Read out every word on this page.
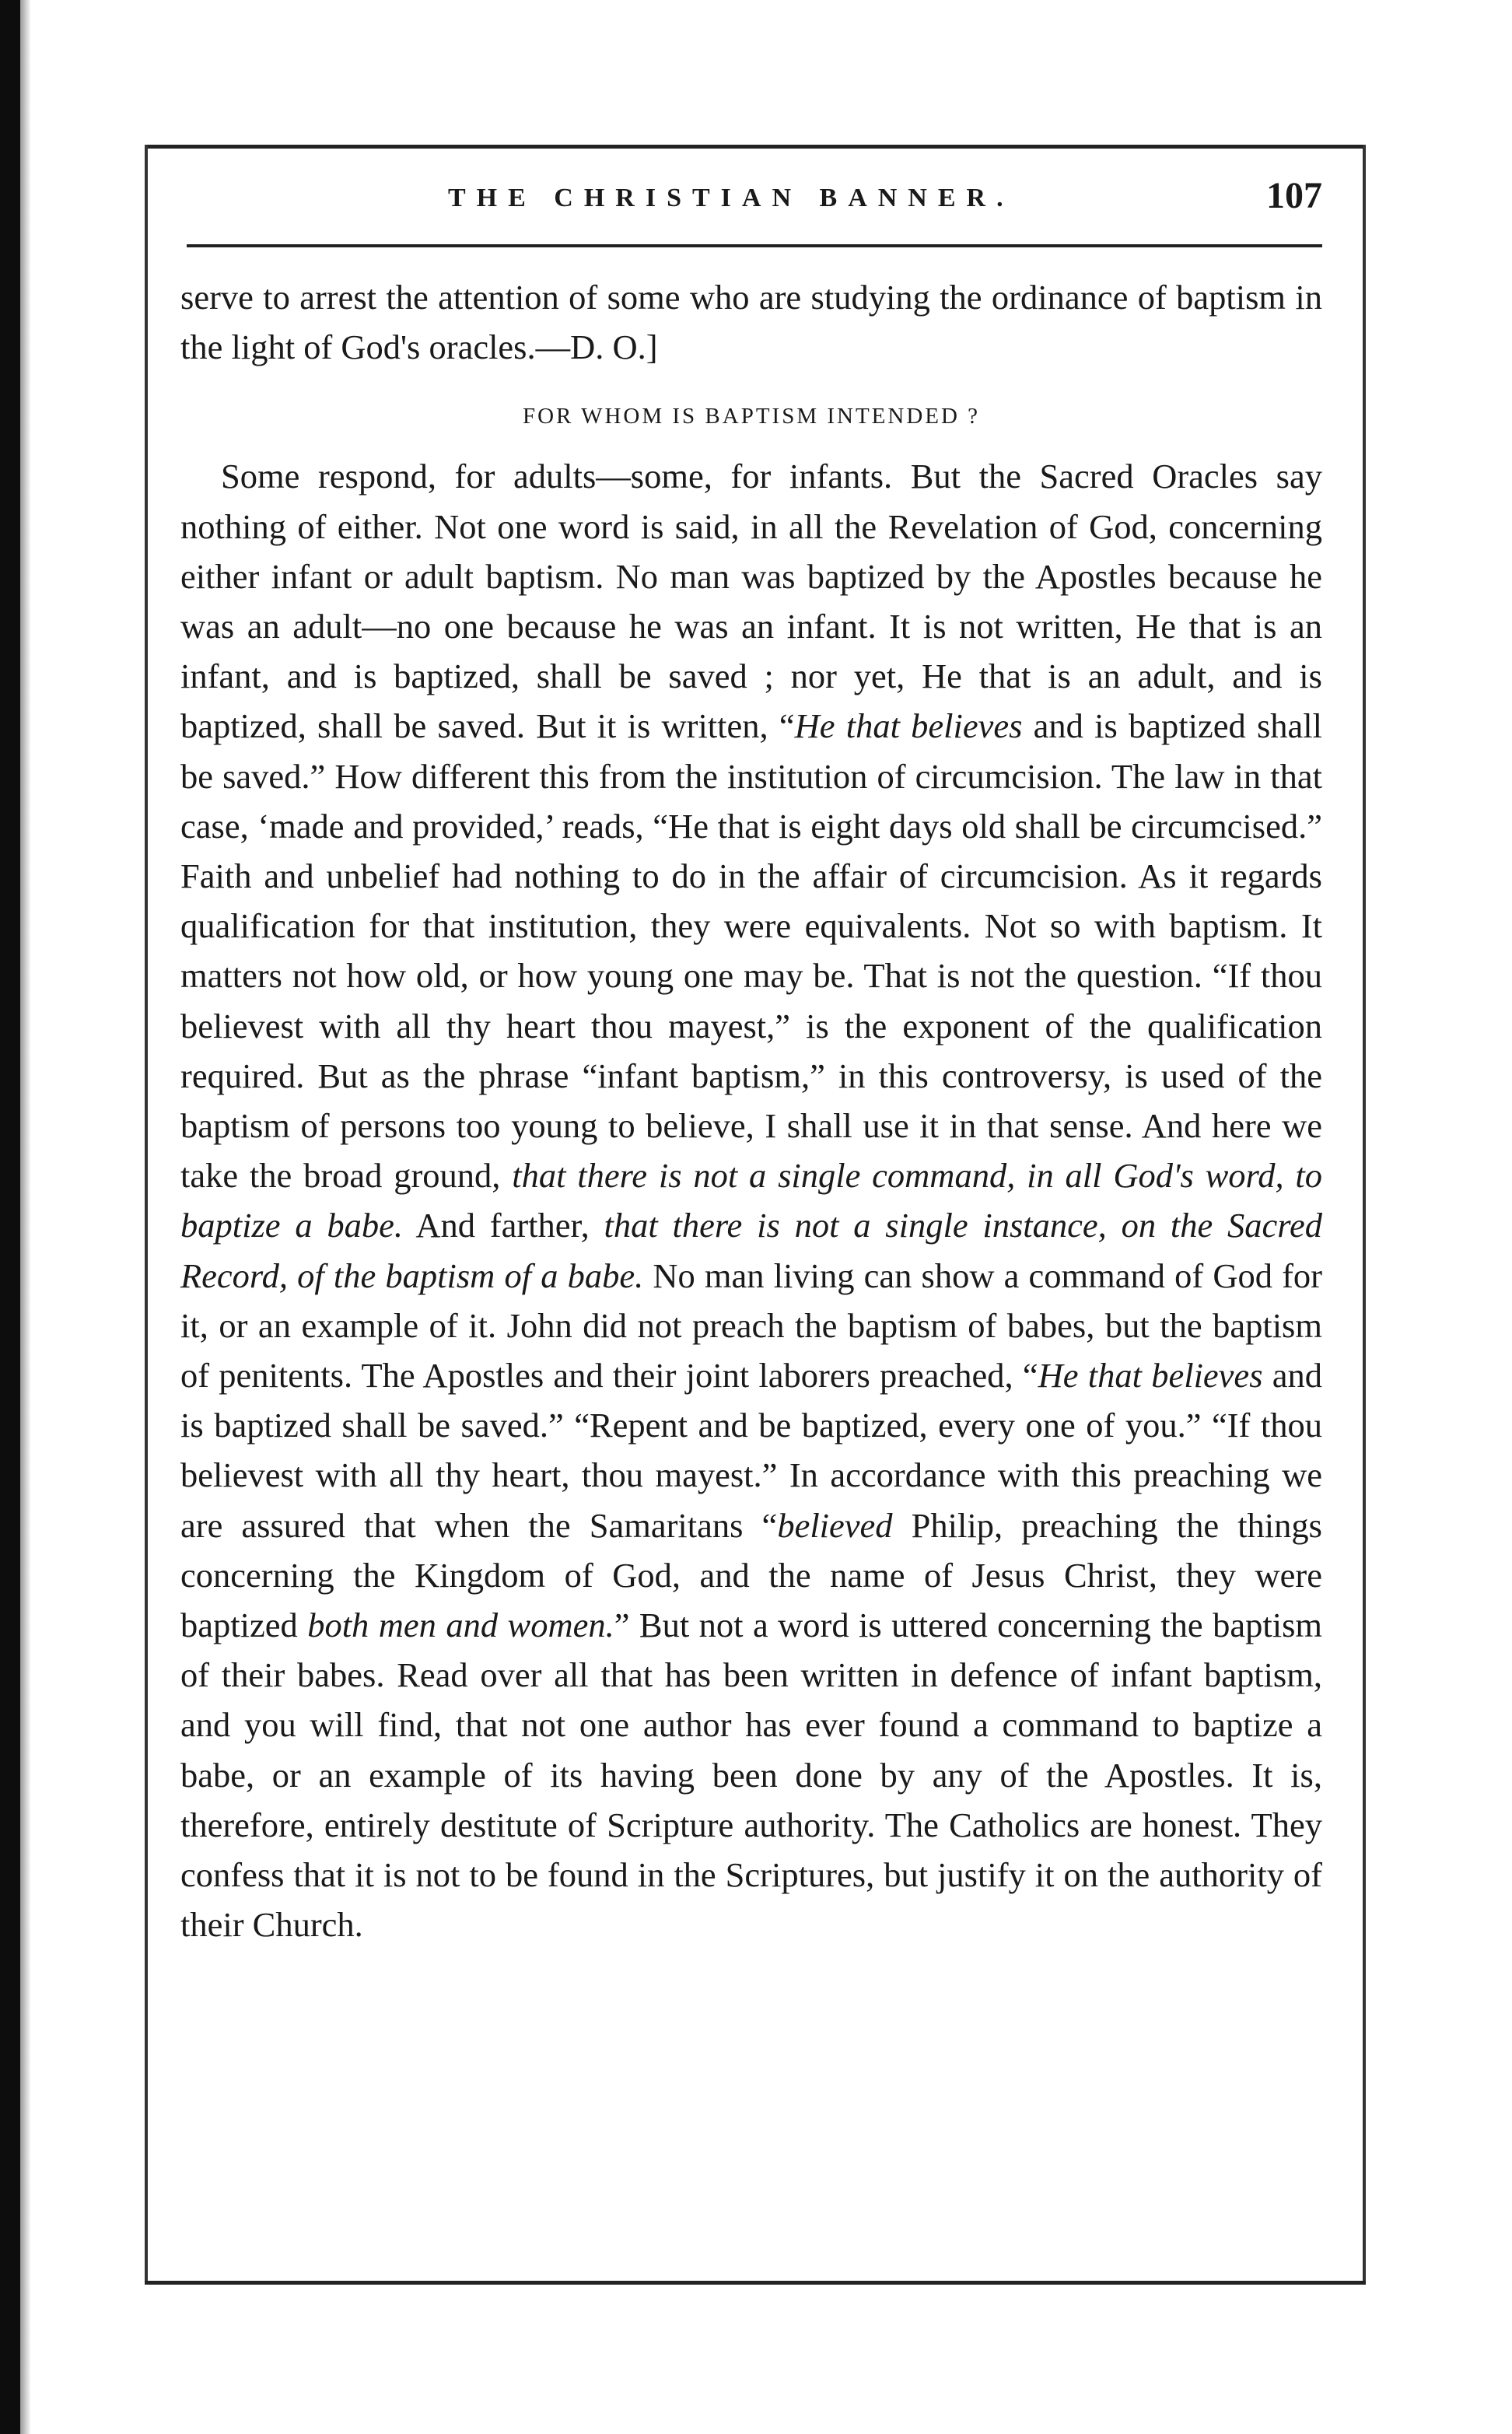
THE CHRISTIAN BANNER.	107

serve to arrest the attention of some who are studying the ordinance of baptism in the light of God's oracles.—D. O.]

FOR WHOM IS BAPTISM INTENDED ?

Some respond, for adults—some, for infants. But the Sacred Oracles say nothing of either. Not one word is said, in all the Revelation of God, concerning either infant or adult baptism. No man was baptized by the Apostles because he was an adult—no one because he was an infant. It is not written, He that is an infant, and is baptized, shall be saved ; nor yet, He that is an adult, and is baptized, shall be saved. But it is written, “He that believes and is baptized shall be saved.” How different this from the institution of circumcision. The law in that case, ‘made and provided,’ reads, “He that is eight days old shall be circumcised.” Faith and unbelief had nothing to do in the affair of circumcision. As it regards qualification for that institution, they were equivalents. Not so with baptism. It matters not how old, or how young one may be. That is not the question. “If thou believest with all thy heart thou mayest,” is the exponent of the qualification required. But as the phrase “infant baptism,” in this controversy, is used of the baptism of persons too young to believe, I shall use it in that sense. And here we take the broad ground, that there is not a single command, in all God's word, to baptize a babe. And farther, that there is not a single instance, on the Sacred Record, of the baptism of a babe. No man living can show a command of God for it, or an example of it. John did not preach the baptism of babes, but the baptism of penitents. The Apostles and their joint laborers preached, “He that believes and is baptized shall be saved.” “Repent and be baptized, every one of you.” “If thou believest with all thy heart, thou mayest.” In accordance with this preaching we are assured that when the Samaritans “believed Philip, preaching the things concerning the Kingdom of God, and the name of Jesus Christ, they were baptized both men and women.” But not a word is uttered concerning the baptism of their babes. Read over all that has been written in defence of infant baptism, and you will find, that not one author has ever found a command to baptize a babe, or an example of its having been done by any of the Apostles. It is, therefore, entirely destitute of Scripture authority. The Catholics are honest. They confess that it is not to be found in the Scriptures, but justify it on the authority of their Church.
